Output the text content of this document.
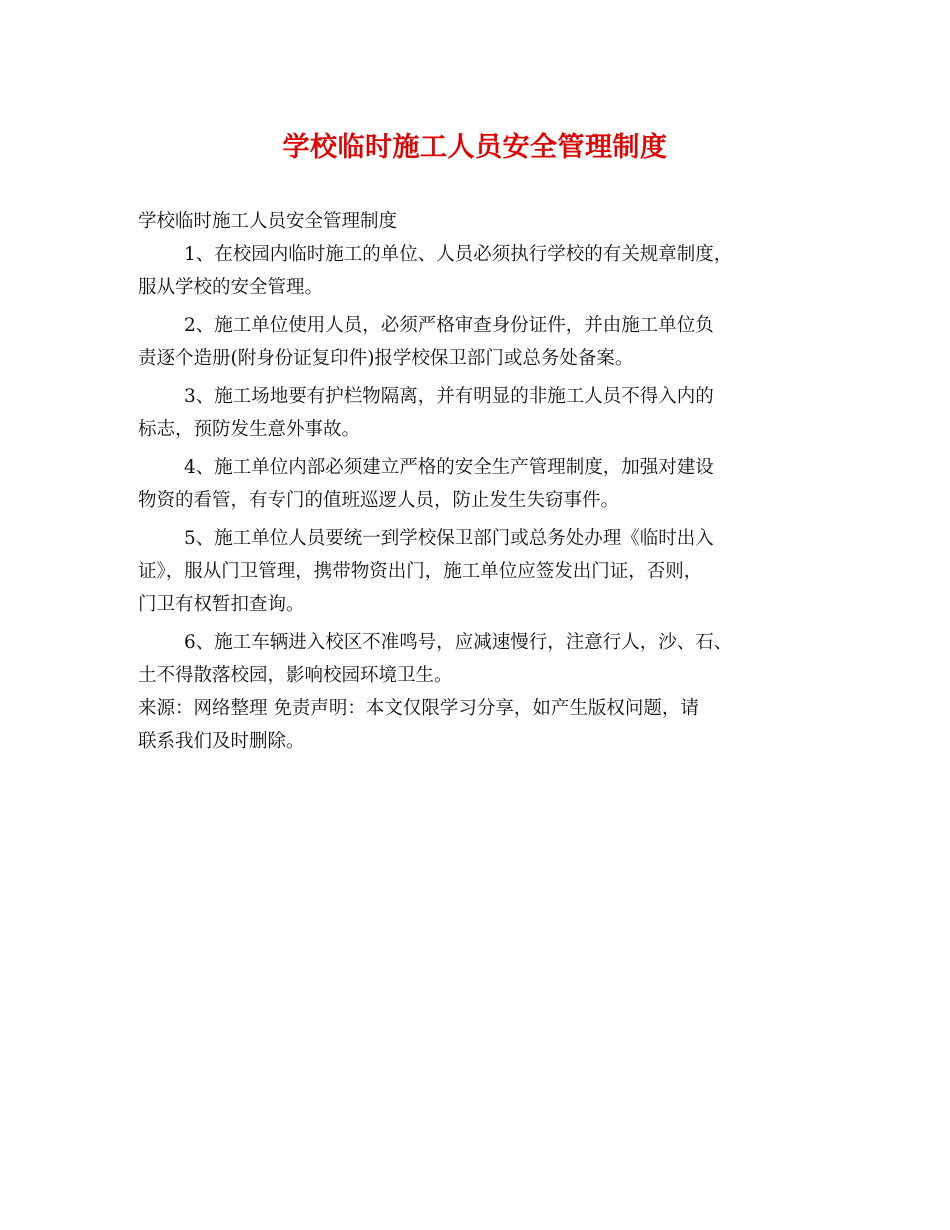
学校临时施工人员安全管理制度

学校临时施工人员安全管理制度

1、在校园内临时施工的单位、人员必须执行学校的有关规章制度，

服从学校的安全管理。

2、施工单位使用人员，必须严格审查身份证件，并由施工单位负

责逐个造册(附身份证复印件)报学校保卫部门或总务处备案。

3、施工场地要有护栏物隔离，并有明显的非施工人员不得入内的

标志，预防发生意外事故。

4、施工单位内部必须建立严格的安全生产管理制度，加强对建设

物资的看管，有专门的值班巡逻人员，防止发生失窃事件。

5、施工单位人员要统一到学校保卫部门或总务处办理《临时出入

证》，服从门卫管理，携带物资出门，施工单位应签发出门证，否则，

门卫有权暂扣查询。

6、施工车辆进入校区不准鸣号，应减速慢行，注意行人，沙、石、

土不得散落校园，影响校园环境卫生。

来源：网络整理 免责声明：本文仅限学习分享，如产生版权问题，请

联系我们及时删除。
